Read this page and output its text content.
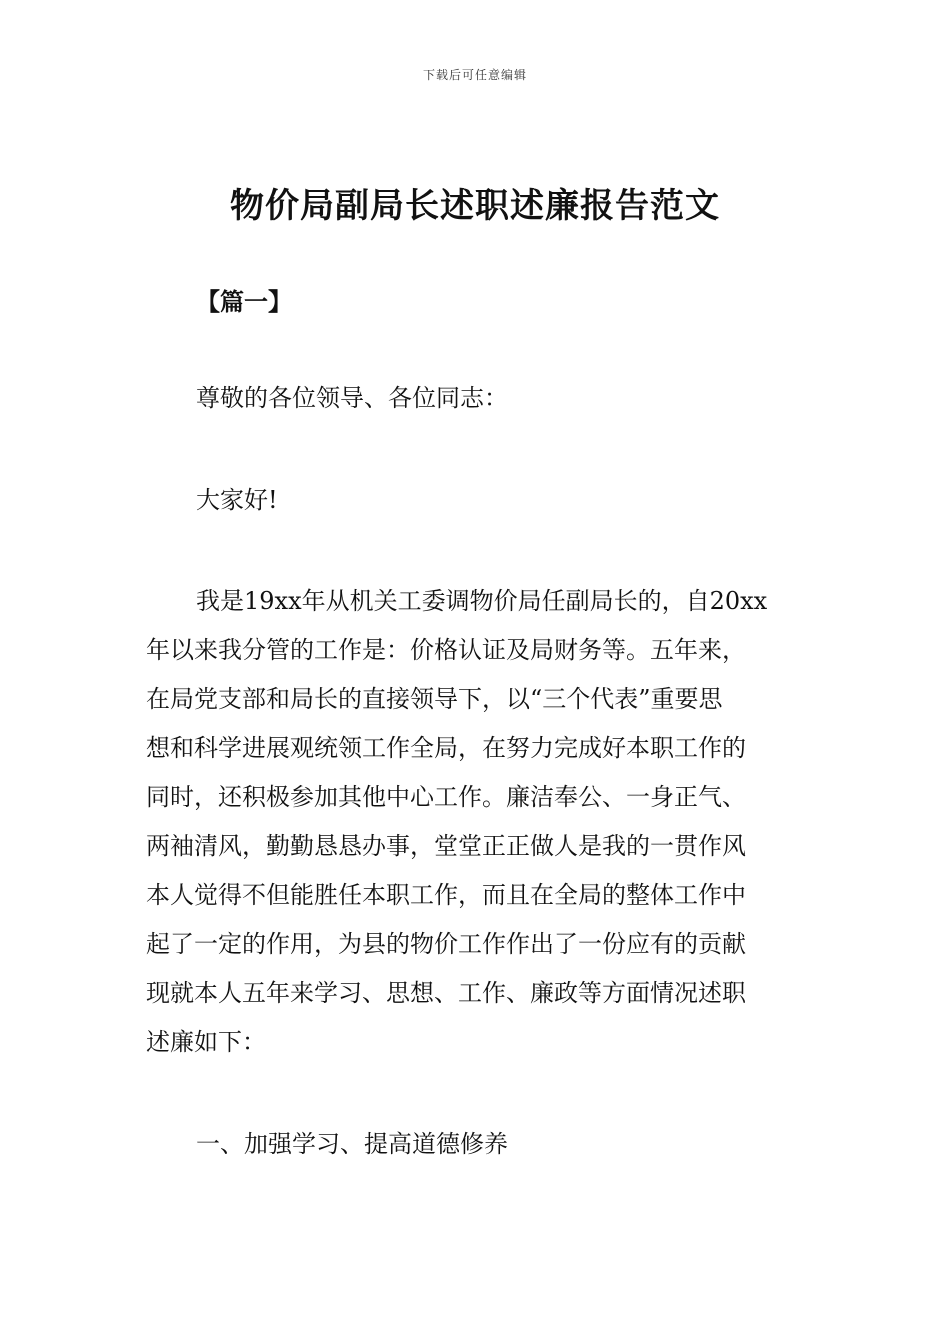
下载后可任意编辑
物价局副局长述职述廉报告范文
【篇一】
尊敬的各位领导、各位同志：
大家好!
我是19xx年从机关工委调物价局任副局长的，自20xx
年以来我分管的工作是：价格认证及局财务等。五年来，
在局党支部和局长的直接领导下，以“三个代表”重要思
想和科学进展观统领工作全局，在努力完成好本职工作的
同时，还积极参加其他中心工作。廉洁奉公、一身正气、
两袖清风，勤勤恳恳办事，堂堂正正做人是我的一贯作风
本人觉得不但能胜任本职工作，而且在全局的整体工作中
起了一定的作用，为县的物价工作作出了一份应有的贡献
现就本人五年来学习、思想、工作、廉政等方面情况述职
述廉如下：
一、加强学习、提高道德修养
